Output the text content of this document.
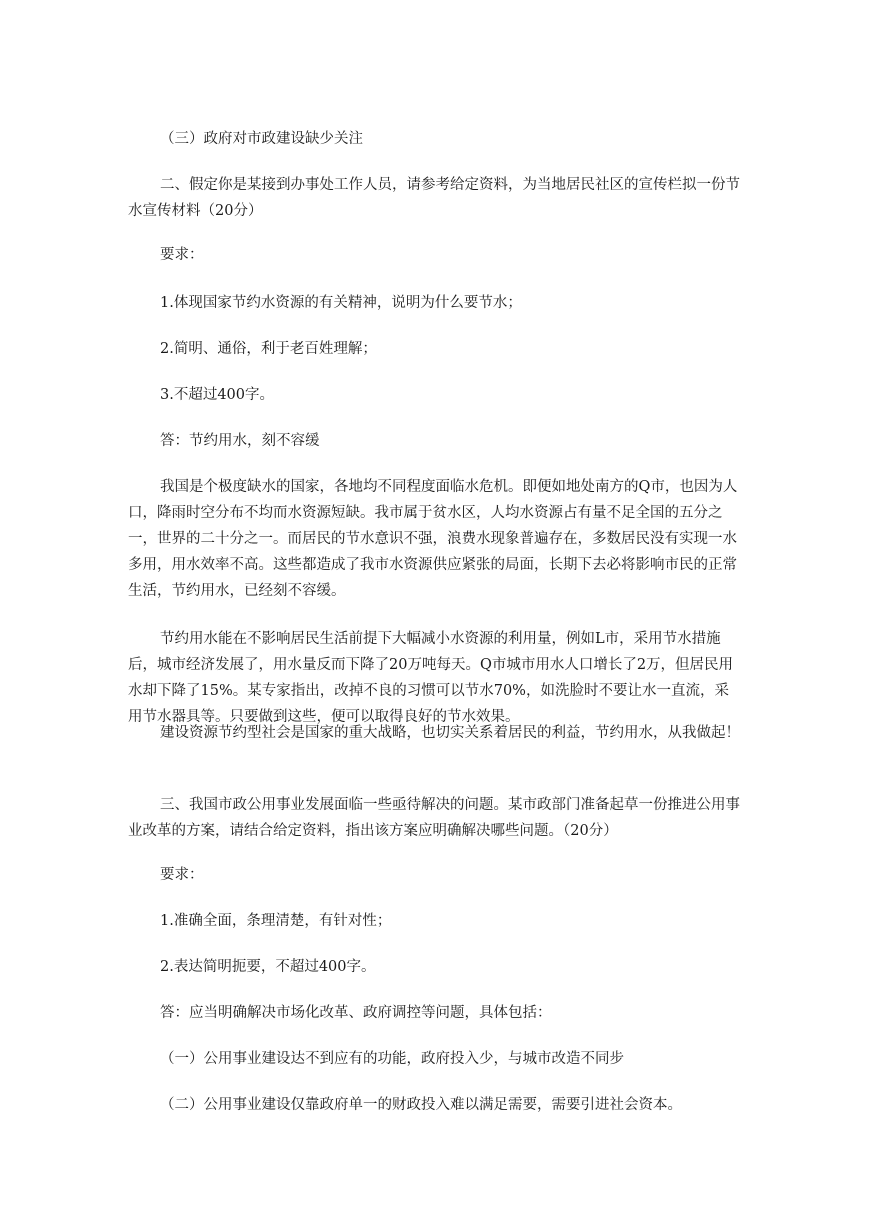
（三）政府对市政建设缺少关注

二、假定你是某接到办事处工作人员，请参考给定资料，为当地居民社区的宣传栏拟一份节水宣传材料（20分）

要求：

1.体现国家节约水资源的有关精神，说明为什么要节水；

2.简明、通俗，利于老百姓理解；

3.不超过400字。

答：节约用水，刻不容缓

我国是个极度缺水的国家，各地均不同程度面临水危机。即便如地处南方的Q市，也因为人口，降雨时空分布不均而水资源短缺。我市属于贫水区，人均水资源占有量不足全国的五分之一，世界的二十分之一。而居民的节水意识不强，浪费水现象普遍存在，多数居民没有实现一水多用，用水效率不高。这些都造成了我市水资源供应紧张的局面，长期下去必将影响市民的正常生活，节约用水，已经刻不容缓。

节约用水能在不影响居民生活前提下大幅减小水资源的利用量，例如L市，采用节水措施后，城市经济发展了，用水量反而下降了20万吨每天。Q市城市用水人口增长了2万，但居民用水却下降了15%。某专家指出，改掉不良的习惯可以节水70%，如洗脸时不要让水一直流，采用节水器具等。只要做到这些，便可以取得良好的节水效果。

建设资源节约型社会是国家的重大战略，也切实关系着居民的利益，节约用水，从我做起！

三、我国市政公用事业发展面临一些亟待解决的问题。某市政部门准备起草一份推进公用事业改革的方案，请结合给定资料，指出该方案应明确解决哪些问题。（20分）

要求：

1.准确全面，条理清楚，有针对性；

2.表达简明扼要，不超过400字。

答：应当明确解决市场化改革、政府调控等问题，具体包括：

（一）公用事业建设达不到应有的功能，政府投入少，与城市改造不同步

（二）公用事业建设仅靠政府单一的财政投入难以满足需要，需要引进社会资本。
